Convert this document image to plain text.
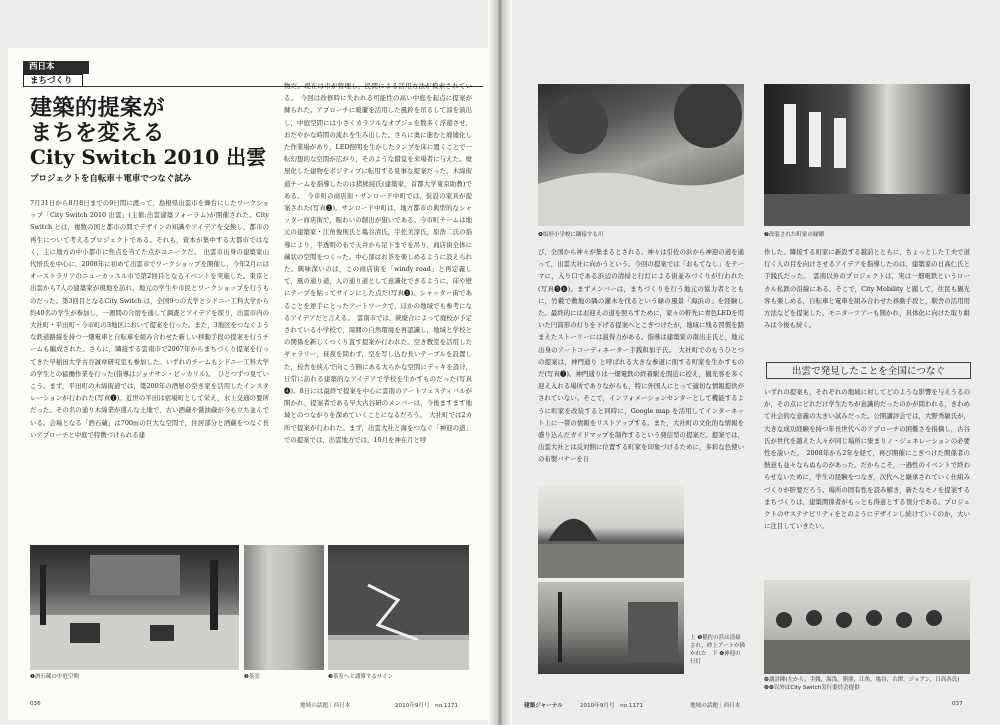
西日本
まちづくり
建築的提案が
まちを変える
City Switch 2010 出雲
プロジェクトを自転車＋電車でつなぐ試み
7月31日から8月8日までの9日間に渡って，島根県出雲市を舞台にしたワークショップ「City Switch 2010 出雲」(主催:出雲建築フォーラム)が開催された。City Switch とは，複数の国と都市の間でデザインの知識やアイデアを交換し，都市の再生について考えるプロジェクトである。それも，資本が集中する大都市ではなく，主に地方の中小都市に焦点を当てた点がユニークだ。　出雲市出身の建築家山代悟氏を中心に，2008年に初めて出雲市でワークショップを開催し，今年2月にはオーストラリアのニューカッスル市で第2回目となるイベントを実施した。東京と出雲から7人の建築家が現地を訪れ，地元の学生や市民とワークショップを行うものだった。第3回目となるCity Switch は，全国9つの大学とシドニー工科大学から約40名の学生が参加し，一週間の合宿を通して調査とアイデアを探り，出雲市内の大社町・平田町・今市町の3地区において提案を行った。また，3地区をつなぐような鉄道路線を持つ一畑電車と自転車を組み合わせた新しい移動手段の提案を行うチームも編成された。さらに，隣接する雲南市で2007年からまちづくり提案を行ってきた早稲田大学古谷誠章研究室も参加した。いずれのチームもシドニー工科大学の学生との協働作業を行った(指導はジョナサン・ピッカリル)。　ひとつずつ見ていこう。まず，平田町の木綿街道では，築200年の酒屋の空き家を活用したインスタレーションが行われた(写真❶)。近世の平田は宿場町として栄え，水上交通の要所だった。その名の通り木綿業が盛んな土地で，古い酒蔵や醤油蔵が今も立ち並んでいる。会場となる「酒石蔵」は700㎡の巨大な空間で，住居部分と酒蔵をつなぐ長いアプローチと中庭で特徴づけられる建
物だ。現在は市が管理し，民間による活用方法が模索されている。　今回は改修時に失われる可能性の高い中庭を起点に提案が練られた。アプローチに暖簾を活用した風鈴を吊るして涼を演出し，中庭空間には小さくカラフルなオブジェを数多く浮遊させ，おだやかな時間の流れを生み出した。さらに奥に進むと廃墟化した作業場があり，LED照明を生かしたランプを床に置くことで一転幻想的な空間が広がり，そのような錯覚を来場者に与えた。廃屋化した建物をポジティブに転用する見事な提案だった。木綿街道チームを指導したのは猪熊純氏(建築家，首都大学東京助教)である。　今市町の商店街・サンロード中町では，仮設の家具が提案された(写真❷)。サンロード中町は，地方都市の典型的なシャッター商店街で，賑わいの創出が狙いである。今市町チームは地元の建築家・江角俊則氏と亀谷清氏，宇佐美淳氏，原浩二氏の指導により，半透明の布で天井から足下までを吊り，商店街全体に繭状の空間をつくった。中心部はお茶を楽しめるように設えられた。興味深いのは，この商店街を「windy road」と再定義して，風の通り道，人の通り道として意識化できるように，床や壁にテープを貼ってサインにした点だ(写真❸)。シャッター街であることを逆手にとったアートワークで，ほかの地域でも参考になるアイデアだと言える。　雲南市では，統廃合によって廃校が予定されている小学校で，周囲の自然環境を再認識し，地域と学校との関係を新しくつくり直す提案が行われた。空き教室を活用したギャラリー，昼夜を問わず，空を写し込む長いテーブルを設置した，校舎を挟んで向こう側にある大らかな空間にデッキを設け，日常に訪れる建築的なアイデアで学校を生かすものだった(写真❹)。8日には最終で提案を中心に雲南のアートフェスティバルが開かれ，提案者である早大古谷研のメンバーは，今後ますます地域とのつながりを深めていくことになるだろう。　大社町では2カ所で提案が行われた。まず，出雲大社と海をつなぐ「神迎の道」での提案では，出雲地方では，10月を神在月と呼
❶酒石蔵の中庭空間	❷茶室	❸茶室へと誘導するサイン
036	地域の話題｜西日本	2010年9月号　no.1171
❹塩形小学校に隣接する川	❼改装された町家の縁側
び，全国から神々が集まるとされる。神々は引佐の浜から神迎の道を通って，出雲大社に向かうという。今回の提案では「おもてなし」をテーマに，入り口である浜辺の清掃と行灯による街並みづくりが行われた(写真❺❻)。まずメンバーは，まちづくりを行う地元の協力者とともに，竹藪で敷地の隅の灌木を伐るという緑の風景「海浜の」を経験した。最終的にはお迎えの道を照らすために，家々の軒先に青色LEDを用いた円筒形の灯りを下げる提案へとこぎつけたが，地域に残る習慣を踏まえたストーリーには説得力がある。指導は建築家の南出圭氏と，地元出身のアートコーディネーター手銭和加子氏。　大社町でのもうひとつの提案は，神門通り と呼ばれる大きな参道に面する町家を生かすものだ(写真❼)。神門通りは一畑電鉄の終着駅を間近に控え，観光客を多く迎え入れる場所でありながらも，特に外国人にとって適切な情報提供がされていない。そこで，インフォメーションセンターとして機能するように町家を改装すると同時に，Google map を活用してインターネット上に一帯の情報をリストアップする。また，大社町の文化的な情報を盛り込んだガイドマップを制作するという発信型の提案だ。提案では，出雲大社とは反対側に位置する町家を印象づけるために，多彩な色使いの布製バナーを自
上 ❺稲佐の浜は清掃され，砂上アートが描かれた　下 ❻神迎の行灯
作した。隣接する町家に新設する越前とともに，ちょっとした工夫で道行く人の目を向けさせるアイデアを指導したのは，建築家の日高仁氏と手銭氏だった。　雲南以外のプロジェクトは，実は一畑電鉄というローカル私鉄の沿線にある。そこで，City Mobility と題して，住民も観光客も楽しめる，自転車と電車を組み合わせた移動手段と，駅舎の活用用方法などを提案した。モニターツアーも開かれ，具体化に向けた取り組みは今後も続く。
出雲で発見したことを全国につなぐ
いずれの提案も，それぞれの地域に対してどのような影響を与えうるのか，その点にどれだけ学生たちが意識的だったのかが問われる，きわめて社会的な意義の大きい試みだった。公開講評会では，大野秀敏氏が，大きな成功経験を持つ年長世代へのアプローチの困難さを指摘し，古谷氏が世代を越えた人々が同じ場所に集まりノ・ジェネレーションの必要性を説いた。　2008年から2年を経て，再び開催にこぎつけた関係者の熱意も並々ならぬものがあった。だからこそ，一過性のイベントで終わらせないために，学生の経験をつなぎ，次代へと継承されていく仕組みづくりが肝要だろう。場所の固有性を読み解き，新たなモノを提案するまちづくりは，建築関係者がもっとも得意とする領分である。プロジェクトのサステナビリティをとのようにデザインし続けていくのか，大いに注目していきたい。
❽講評陣(左から，手銭，海浅，猪熊，江角，亀谷，古澤，ジョアン，日高各氏)　❾❿以外はCity Switch実行委員会提供
建築ジャーナル	2010年9月号　no.1171	地域の話題｜西日本	037
